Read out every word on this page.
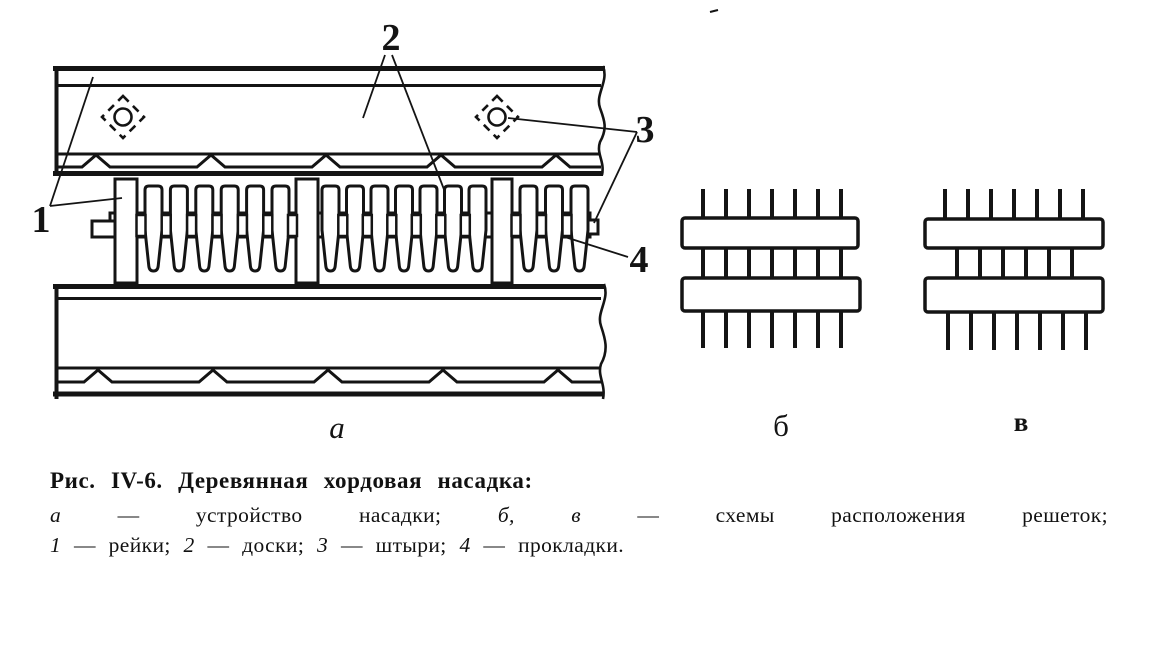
1
2
3
4
а	б	в
Рис. IV-6. Деревянная хордовая насадка:
а	— устройство	насадки;	б, в	— схемы	расположения	решеток;
1 — рейки; 2 — доски; 3 — штыри; 4 — прокладки.
